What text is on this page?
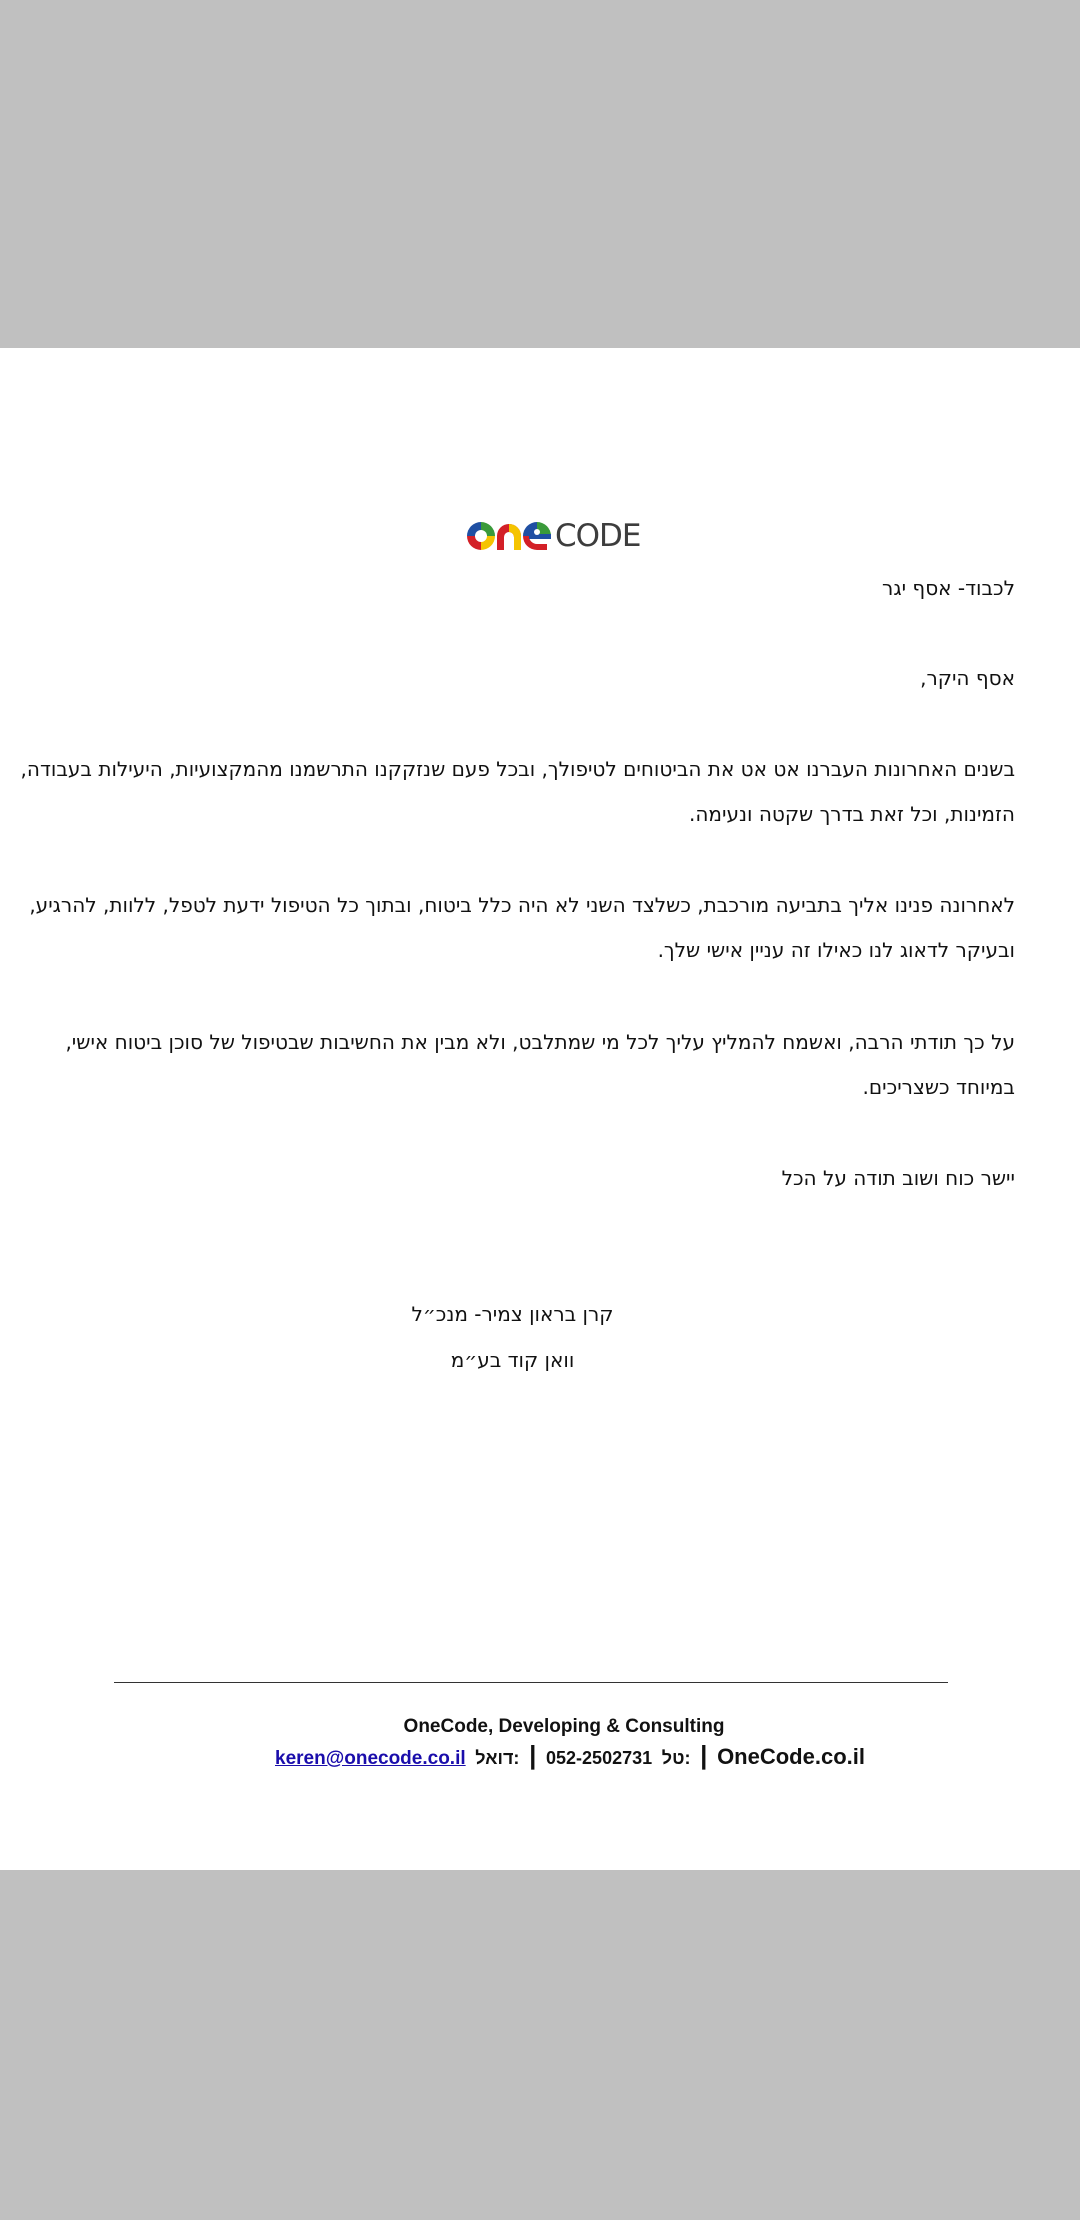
CODE
לכבוד- אסף יגר
אסף היקר,
בשנים האחרונות העברנו אט אט את הביטוחים לטיפולך, ובכל פעם שנזקקנו התרשמנו מהמקצועיות, היעילות בעבודה,
הזמינות, וכל זאת בדרך שקטה ונעימה.
לאחרונה פנינו אליך בתביעה מורכבת, כשלצד השני לא היה כלל ביטוח, ובתוך כל הטיפול ידעת לטפל, ללוות, להרגיע,
ובעיקר לדאוג לנו כאילו זה עניין אישי שלך.
על כך תודתי הרבה, ואשמח להמליץ עליך לכל מי שמתלבט, ולא מבין את החשיבות שבטיפול של סוכן ביטוח אישי,
במיוחד כשצריכים.
יישר כוח ושוב תודה על הכל
קרן בראון צמיר- מנכ״ל
וואן קוד בע״מ
OneCode, Developing & Consulting
keren@onecode.co.il דואל: | 052-2502731 טל: | OneCode.co.il
